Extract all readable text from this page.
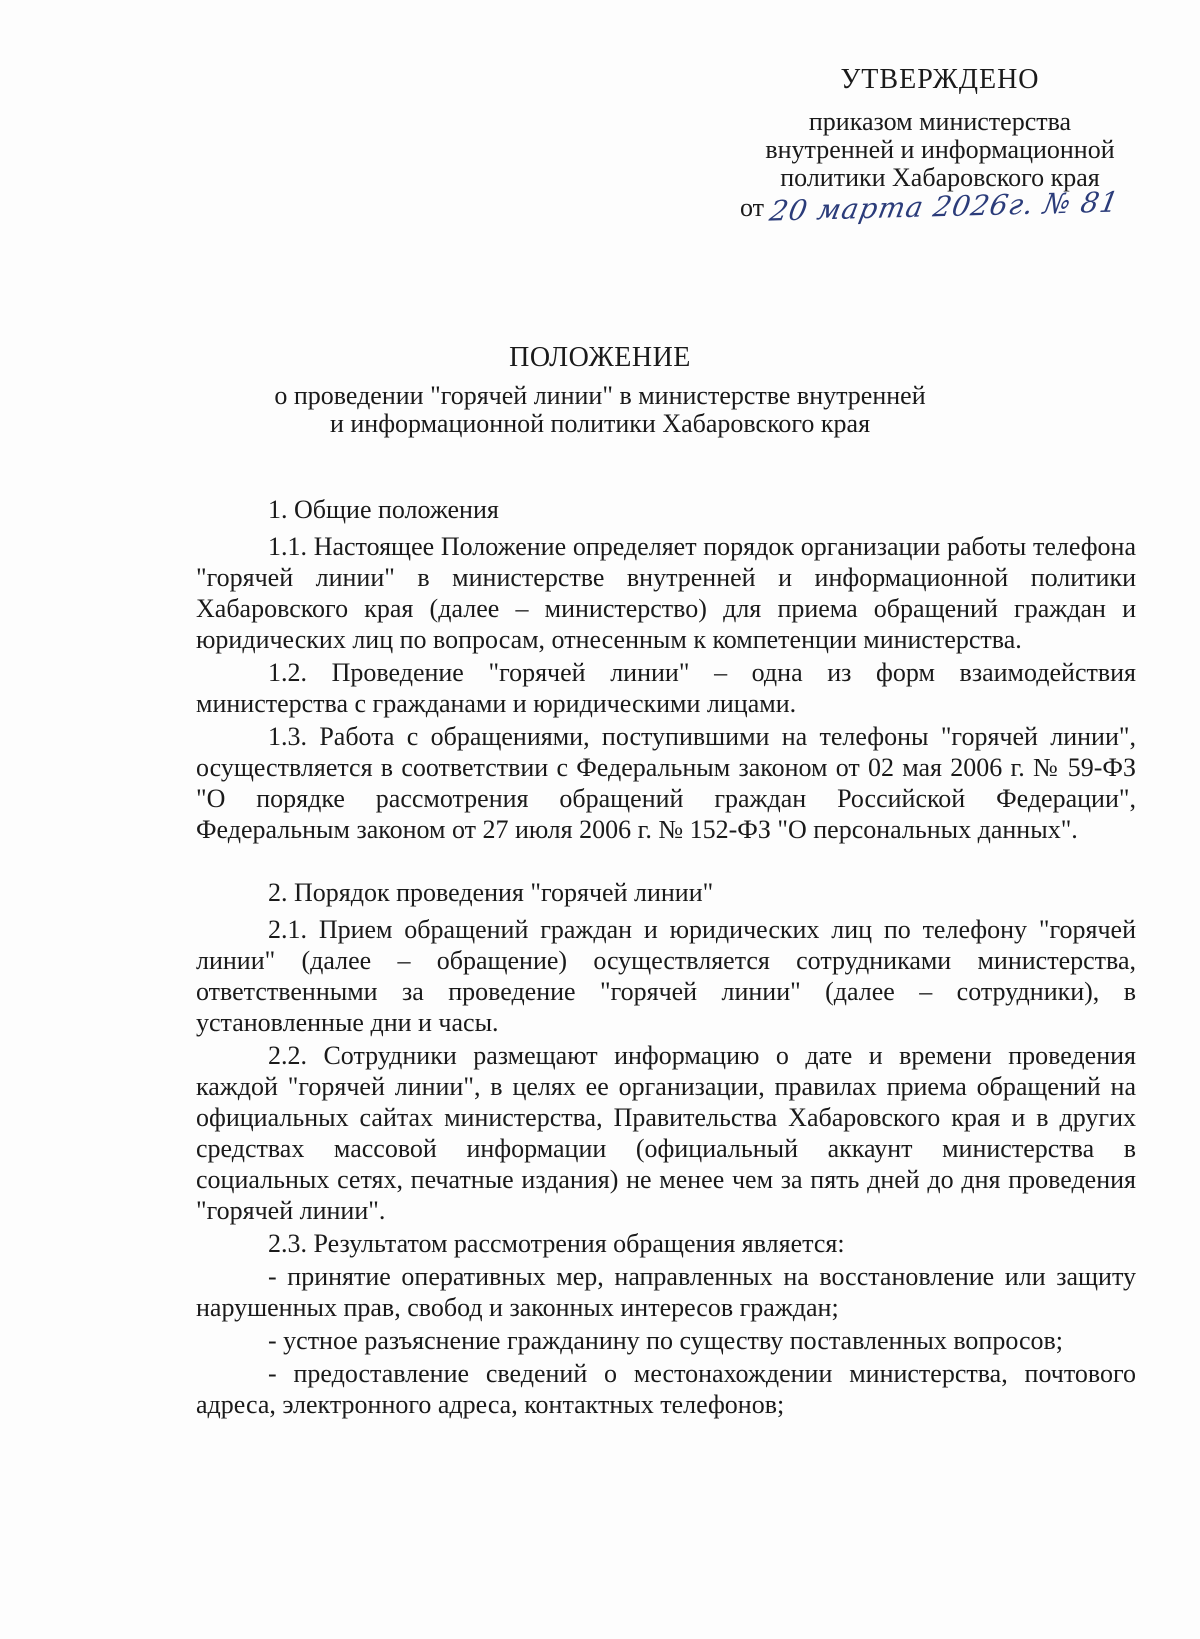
УТВЕРЖДЕНО
приказом министерства
внутренней и информационной
политики Хабаровского края
от 20 марта 2026г. № 81
ПОЛОЖЕНИЕ
о проведении "горячей линии" в министерстве внутренней
и информационной политики Хабаровского края
1. Общие положения

1.1. Настоящее Положение определяет порядок организации работы телефона "горячей линии" в министерстве внутренней и информационной политики Хабаровского края (далее – министерство) для приема обращений граждан и юридических лиц по вопросам, отнесенным к компетенции министерства.

1.2. Проведение "горячей линии" – одна из форм взаимодействия министерства с гражданами и юридическими лицами.

1.3. Работа с обращениями, поступившими на телефоны "горячей линии", осуществляется в соответствии с Федеральным законом от 02 мая 2006 г. № 59-ФЗ "О порядке рассмотрения обращений граждан Российской Федерации", Федеральным законом от 27 июля 2006 г. № 152-ФЗ "О персональных данных".

2. Порядок проведения "горячей линии"

2.1. Прием обращений граждан и юридических лиц по телефону "горячей линии" (далее – обращение) осуществляется сотрудниками министерства, ответственными за проведение "горячей линии" (далее – сотрудники), в установленные дни и часы.

2.2. Сотрудники размещают информацию о дате и времени проведения каждой "горячей линии", в целях ее организации, правилах приема обращений на официальных сайтах министерства, Правительства Хабаровского края и в других средствах массовой информации (официальный аккаунт министерства в социальных сетях, печатные издания) не менее чем за пять дней до дня проведения "горячей линии".

2.3. Результатом рассмотрения обращения является:

- принятие оперативных мер, направленных на восстановление или защиту нарушенных прав, свобод и законных интересов граждан;

- устное разъяснение гражданину по существу поставленных вопросов;

- предоставление сведений о местонахождении министерства, почтового адреса, электронного адреса, контактных телефонов;
